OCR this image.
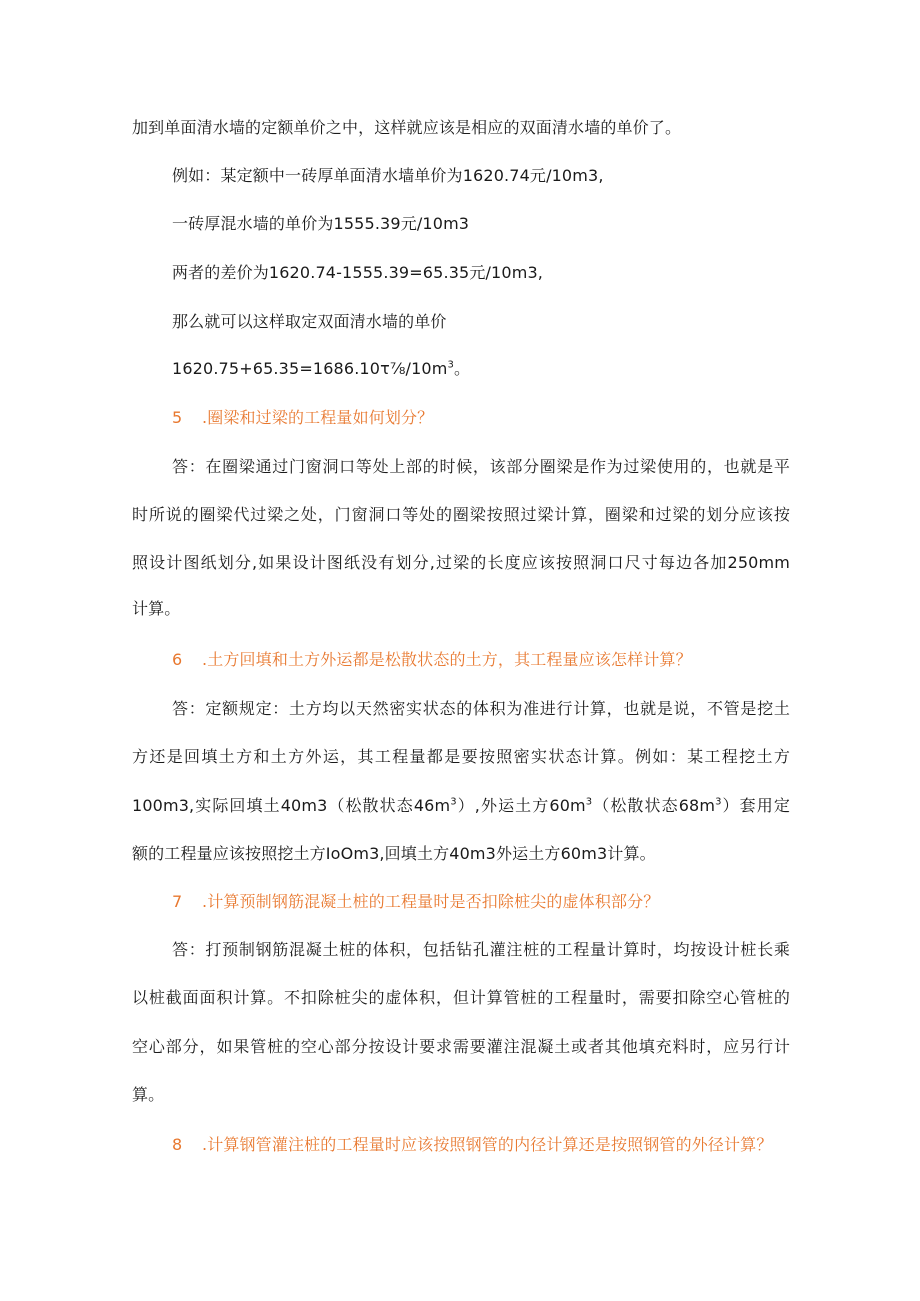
加到单面清水墙的定额单价之中，这样就应该是相应的双面清水墙的单价了。

例如：某定额中一砖厚单面清水墙单价为1620.74元/10m3,

一砖厚混水墙的单价为1555.39元/10m3

两者的差价为1620.74-1555.39=65.35元/10m3,

那么就可以这样取定双面清水墙的单价

$1620.75+65.35=1686.10\tau\frac{7}{8}/10m^3$。

5 .圈梁和过梁的工程量如何划分？

答：在圈梁通过门窗洞口等处上部的时候，该部分圈梁是作为过梁使用的，也就是平

时所说的圈梁代过梁之处，门窗洞口等处的圈梁按照过梁计算，圈梁和过梁的划分应该按

照设计图纸划分,如果设计图纸没有划分,过梁的长度应该按照洞口尺寸每边各加250mm

计算。

6 .土方回填和土方外运都是松散状态的土方，其工程量应该怎样计算？

答：定额规定：土方均以天然密实状态的体积为准进行计算，也就是说，不管是挖土

方还是回填土方和土方外运，其工程量都是要按照密实状态计算。例如：某工程挖土方

100m3,实际回填土40m3（松散状态$46m^3$）,外运土方$60m^3$（松散状态$68m^3$）套用定

额的工程量应该按照挖土方IoOm3,回填土方40m3外运土方60m3计算。

7 .计算预制钢筋混凝土桩的工程量时是否扣除桩尖的虚体积部分？

答：打预制钢筋混凝土桩的体积，包括钻孔灌注桩的工程量计算时，均按设计桩长乘

以桩截面面积计算。不扣除桩尖的虚体积，但计算管桩的工程量时，需要扣除空心管桩的

空心部分，如果管桩的空心部分按设计要求需要灌注混凝土或者其他填充料时，应另行计

算。

8 .计算钢管灌注桩的工程量时应该按照钢管的内径计算还是按照钢管的外径计算？
